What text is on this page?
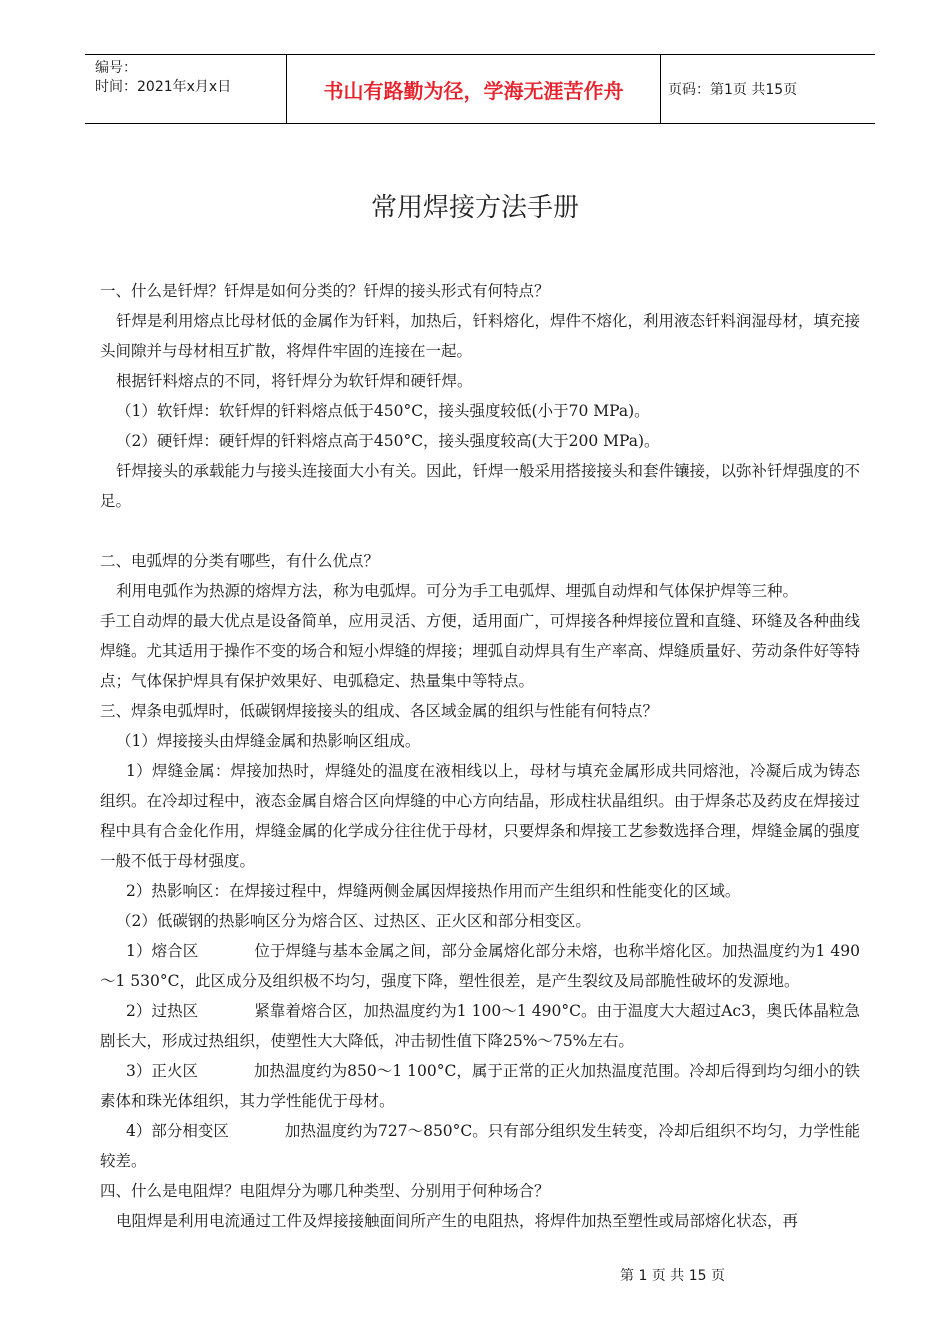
编号：
时间：2021年x月x日	书山有路勤为径，学海无涯苦作舟	页码：第1页 共15页
常用焊接方法手册

一、什么是钎焊？钎焊是如何分类的？钎焊的接头形式有何特点？

钎焊是利用熔点比母材低的金属作为钎料，加热后，钎料熔化，焊件不熔化，利用液态钎料润湿母材，填充接头间隙并与母材相互扩散，将焊件牢固的连接在一起。

根据钎料熔点的不同，将钎焊分为软钎焊和硬钎焊。

（1）软钎焊：软钎焊的钎料熔点低于450°C，接头强度较低(小于70 MPa)。

（2）硬钎焊：硬钎焊的钎料熔点高于450°C，接头强度较高(大于200 MPa)。

钎焊接头的承载能力与接头连接面大小有关。因此，钎焊一般采用搭接接头和套件镶接，以弥补钎焊强度的不足。

二、电弧焊的分类有哪些，有什么优点？

利用电弧作为热源的熔焊方法，称为电弧焊。可分为手工电弧焊、埋弧自动焊和气体保护焊等三种。

手工自动焊的最大优点是设备简单，应用灵活、方便，适用面广，可焊接各种焊接位置和直缝、环缝及各种曲线焊缝。尤其适用于操作不变的场合和短小焊缝的焊接；埋弧自动焊具有生产率高、焊缝质量好、劳动条件好等特点；气体保护焊具有保护效果好、电弧稳定、热量集中等特点。

三、焊条电弧焊时，低碳钢焊接接头的组成、各区域金属的组织与性能有何特点？

（1）焊接接头由焊缝金属和热影响区组成。

1）焊缝金属：焊接加热时，焊缝处的温度在液相线以上，母材与填充金属形成共同熔池，冷凝后成为铸态组织。在冷却过程中，液态金属自熔合区向焊缝的中心方向结晶，形成柱状晶组织。由于焊条芯及药皮在焊接过程中具有合金化作用，焊缝金属的化学成分往往优于母材，只要焊条和焊接工艺参数选择合理，焊缝金属的强度一般不低于母材强度。

2）热影响区：在焊接过程中，焊缝两侧金属因焊接热作用而产生组织和性能变化的区域。

（2）低碳钢的热影响区分为熔合区、过热区、正火区和部分相变区。

1）熔合区	位于焊缝与基本金属之间，部分金属熔化部分未熔，也称半熔化区。加热温度约为1 490～1 530°C，此区成分及组织极不均匀，强度下降，塑性很差，是产生裂纹及局部脆性破坏的发源地。

2）过热区	紧靠着熔合区，加热温度约为1 100～1 490°C。由于温度大大超过Ac3，奥氏体晶粒急剧长大，形成过热组织，使塑性大大降低，冲击韧性值下降25%～75%左右。

3）正火区	加热温度约为850～1 100°C，属于正常的正火加热温度范围。冷却后得到均匀细小的铁素体和珠光体组织，其力学性能优于母材。

4）部分相变区	加热温度约为727～850°C。只有部分组织发生转变，冷却后组织不均匀，力学性能较差。

四、什么是电阻焊？电阻焊分为哪几种类型、分别用于何种场合？

电阻焊是利用电流通过工件及焊接接触面间所产生的电阻热，将焊件加热至塑性或局部熔化状态，再

第 1 页 共 15 页
